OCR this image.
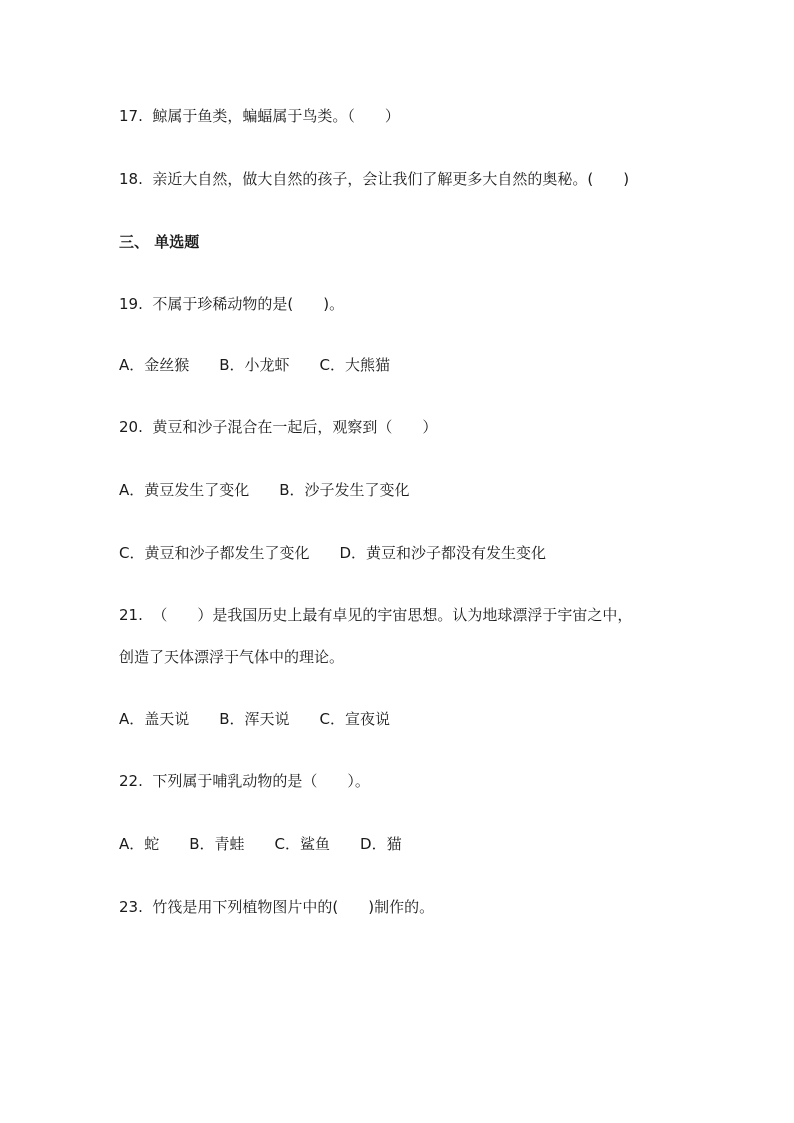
17.  鲸属于鱼类，蝙蝠属于鸟类。（　　）
18.  亲近大自然，做大自然的孩子，会让我们了解更多大自然的奥秘。(　　)
三、 单选题
19.  不属于珍稀动物的是(　　)。
A．金丝猴　　B．小龙虾　　C．大熊猫
20.  黄豆和沙子混合在一起后，观察到（　　）
A．黄豆发生了变化　　B．沙子发生了变化
C．黄豆和沙子都发生了变化　　D．黄豆和沙子都没有发生变化
21.  （　　）是我国历史上最有卓见的宇宙思想。认为地球漂浮于宇宙之中，
创造了天体漂浮于气体中的理论。
A．盖天说　　B．浑天说　　C．宣夜说
22.  下列属于哺乳动物的是（　　）。
A．蛇　　B．青蛙　　C．鲨鱼　　D．猫
23.  竹筏是用下列植物图片中的(　　)制作的。
